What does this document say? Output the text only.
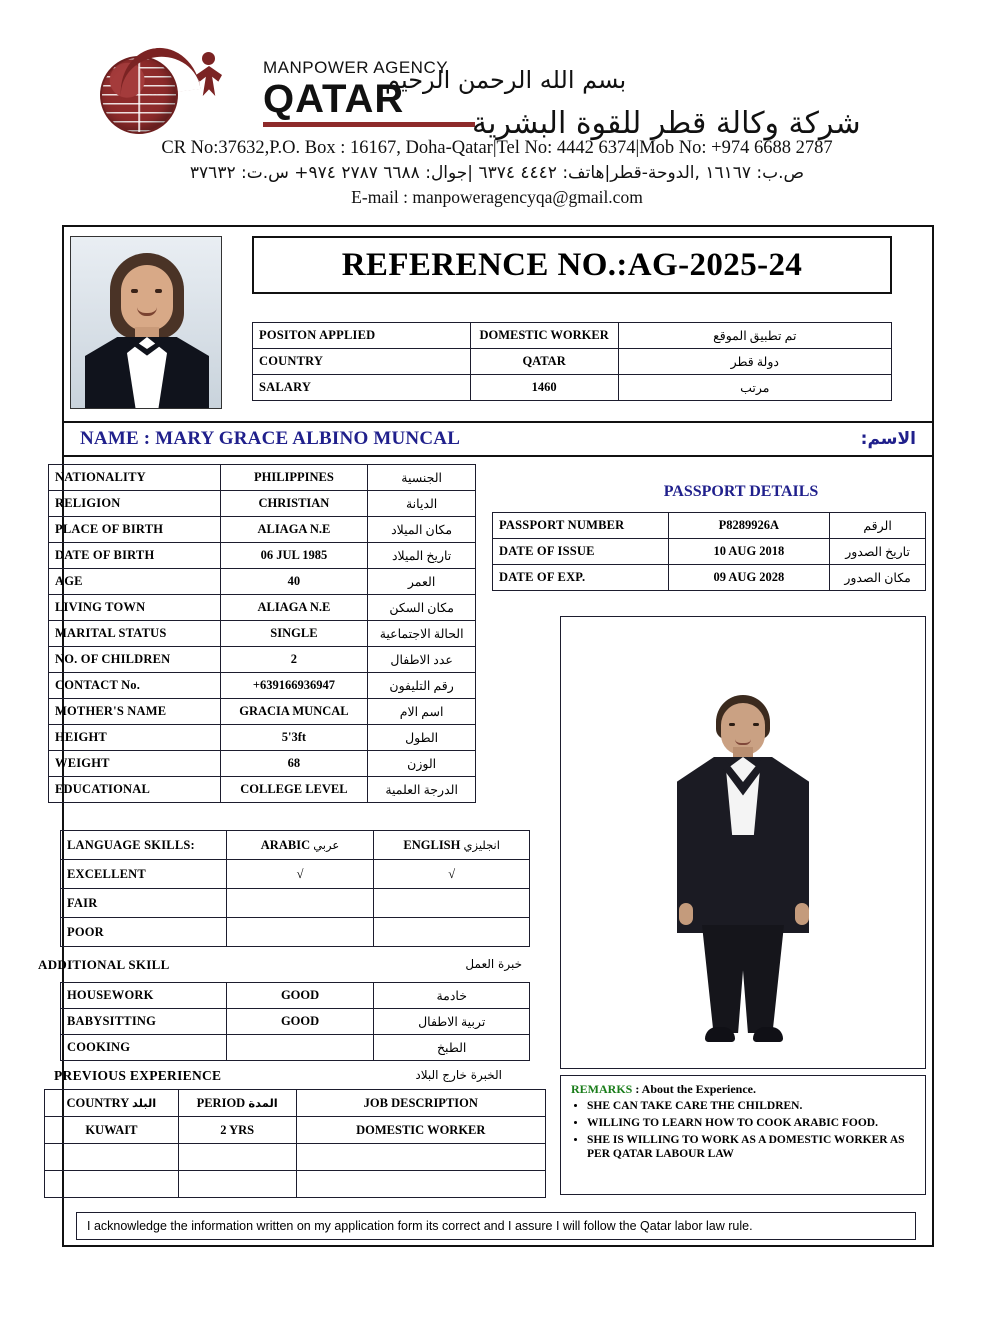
MANPOWER AGENCY
QATAR
بسم الله الرحمن الرحيم
شركة وكالة قطر للقوة البشرية
CR No:37632,P.O. Box : 16167, Doha-Qatar|Tel No: 4442 6374|Mob No: +974 6688 2787
ص.ب: ١٦١٦٧ ,الدوحة-قطر|هاتف: ٤٤٤٢ ٦٣٧٤ |جوال: ٦٦٨٨ ٢٧٨٧ ٩٧٤+ س.ت: ٣٧٦٣٢
E-mail : manpoweragencyqa@gmail.com
REFERENCE NO.:AG-2025-24
POSITON APPLIED	DOMESTIC WORKER	تم تطبيق الموقع
COUNTRY	QATAR	دولة قطر
SALARY	1460	مرتب
NAME : MARY GRACE ALBINO MUNCAL	الاسم:
NATIONALITY	PHILIPPINES	الجنسية
RELIGION	CHRISTIAN	الديانة
PLACE OF BIRTH	ALIAGA N.E	مكان الميلاد
DATE OF BIRTH	06 JUL 1985	تاريخ الميلاد
AGE	40	العمر
LIVING TOWN	ALIAGA N.E	مكان السكن
MARITAL STATUS	SINGLE	الحالة الاجتماعية
NO. OF CHILDREN	2	عدد الاطفال
CONTACT No.	+639166936947	رقم التليفون
MOTHER'S NAME	GRACIA MUNCAL	اسم الام
HEIGHT	5'3ft	الطول
WEIGHT	68	الوزن
EDUCATIONAL	COLLEGE LEVEL	الدرجة العلمية
PASSPORT DETAILS
PASSPORT NUMBER	P8289926A	الرقم
DATE OF ISSUE	10 AUG 2018	تاريخ الصدور
DATE OF EXP.	09 AUG 2028	مكان الصدور
LANGUAGE SKILLS:	ARABIC عربي	ENGLISH انجليزي
EXCELLENT	√	√
FAIR		
POOR		
ADDITIONAL SKILL	خبرة العمل
HOUSEWORK	GOOD	خادمة
BABYSITTING	GOOD	تربية الاطفال
COOKING		الطبخ
PREVIOUS EXPERIENCE	الخبرة خارج البلاد
COUNTRY البلد	PERIOD المدة	JOB DESCRIPTION
KUWAIT	2 YRS	DOMESTIC WORKER

REMARKS : About the Experience.
• SHE CAN TAKE CARE THE CHILDREN.
• WILLING TO LEARN HOW TO COOK ARABIC FOOD.
• SHE IS WILLING TO WORK AS A DOMESTIC WORKER AS PER QATAR LABOUR LAW
I acknowledge the information written on my application form its correct and I assure I will follow the Qatar labor law rule.
